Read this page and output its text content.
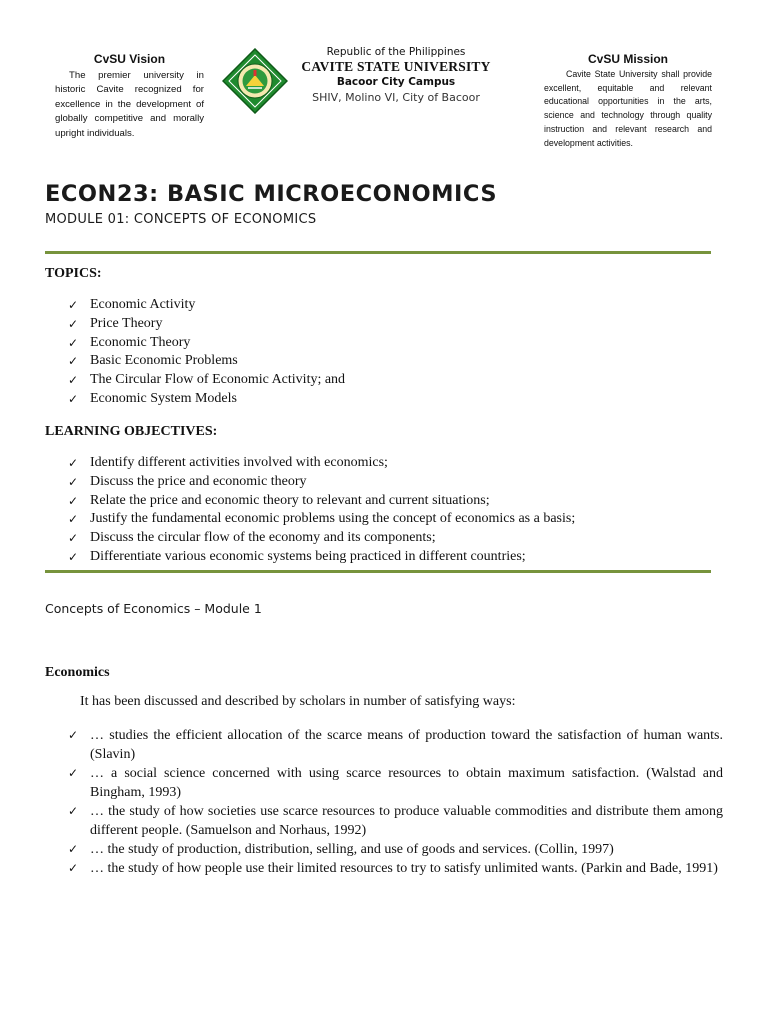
CvSU Vision

The premier university in historic Cavite recognized for excellence in the development of globally competitive and morally upright individuals.

Republic of the Philippines
CAVITE STATE UNIVERSITY
Bacoor City Campus
SHIV, Molino VI, City of Bacoor
CvSU Mission

Cavite State University shall provide excellent, equitable and relevant educational opportunities in the arts, science and technology through quality instruction and relevant research and development activities.

ECON23: BASIC MICROECONOMICS
MODULE 01: CONCEPTS OF ECONOMICS
TOPICS:
✓ Economic Activity
✓ Price Theory
✓ Economic Theory
✓ Basic Economic Problems
✓ The Circular Flow of Economic Activity; and
✓ Economic System Models
LEARNING OBJECTIVES:
✓ Identify different activities involved with economics;
✓ Discuss the price and economic theory
✓ Relate the price and economic theory to relevant and current situations;
✓ Justify the fundamental economic problems using the concept of economics as a basis;
✓ Discuss the circular flow of the economy and its components;
✓ Differentiate various economic systems being practiced in different countries;
Concepts of Economics – Module 1
Economics
It has been discussed and described by scholars in number of satisfying ways:
✓ … studies the efficient allocation of the scarce means of production toward the satisfaction of human wants. (Slavin)
✓ … a social science concerned with using scarce resources to obtain maximum satisfaction. (Walstad and Bingham, 1993)
✓ … the study of how societies use scarce resources to produce valuable commodities and distribute them among different people. (Samuelson and Norhaus, 1992)
✓ … the study of production, distribution, selling, and use of goods and services. (Collin, 1997)
✓ … the study of how people use their limited resources to try to satisfy unlimited wants. (Parkin and Bade, 1991)
